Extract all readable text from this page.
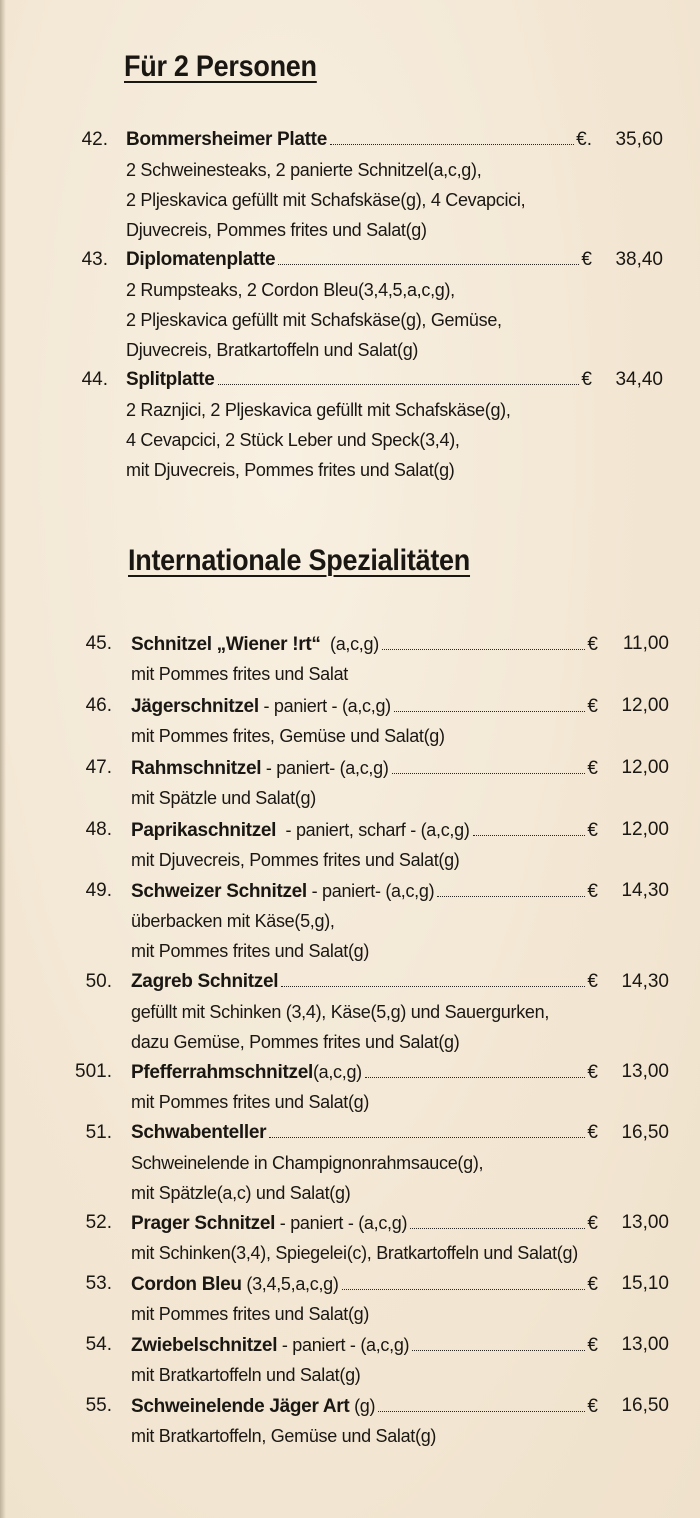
Für 2 Personen
42. Bommersheimer Platte	€. 35,60
2 Schweinesteaks, 2 panierte Schnitzel(a,c,g),
2 Pljeskavica gefüllt mit Schafskäse(g), 4 Cevapcici,
Djuvecreis, Pommes frites und Salat(g)
43. Diplomatenplatte	€ 38,40
2 Rumpsteaks, 2 Cordon Bleu(3,4,5,a,c,g),
2 Pljeskavica gefüllt mit Schafskäse(g), Gemüse,
Djuvecreis, Bratkartoffeln und Salat(g)
44. Splitplatte	€ 34,40
2 Raznjici, 2 Pljeskavica gefüllt mit Schafskäse(g),
4 Cevapcici, 2 Stück Leber und Speck(3,4),
mit Djuvecreis, Pommes frites und Salat(g)
Internationale Spezialitäten
45. Schnitzel „Wiener !rt“ (a,c,g)	€ 11,00
mit Pommes frites und Salat
46. Jägerschnitzel - paniert - (a,c,g)	€ 12,00
mit Pommes frites, Gemüse und Salat(g)
47. Rahmschnitzel - paniert- (a,c,g)	€ 12,00
mit Spätzle und Salat(g)
48. Paprikaschnitzel - paniert, scharf - (a,c,g)	€ 12,00
mit Djuvecreis, Pommes frites und Salat(g)
49. Schweizer Schnitzel - paniert- (a,c,g)	€ 14,30
überbacken mit Käse(5,g),
mit Pommes frites und Salat(g)
50. Zagreb Schnitzel	€ 14,30
gefüllt mit Schinken (3,4), Käse(5,g) und Sauergurken,
dazu Gemüse, Pommes frites und Salat(g)
501. Pfefferrahmschnitzel (a,c,g)	€ 13,00
mit Pommes frites und Salat(g)
51. Schwabenteller	€ 16,50
Schweinelende in Champignonrahmsauce(g),
mit Spätzle(a,c) und Salat(g)
52. Prager Schnitzel - paniert - (a,c,g)	€ 13,00
mit Schinken(3,4), Spiegelei(c), Bratkartoffeln und Salat(g)
53. Cordon Bleu (3,4,5,a,c,g)	€ 15,10
mit Pommes frites und Salat(g)
54. Zwiebelschnitzel - paniert - (a,c,g)	€ 13,00
mit Bratkartoffeln und Salat(g)
55. Schweinelende Jäger Art (g)	€ 16,50
mit Bratkartoffeln, Gemüse und Salat(g)
